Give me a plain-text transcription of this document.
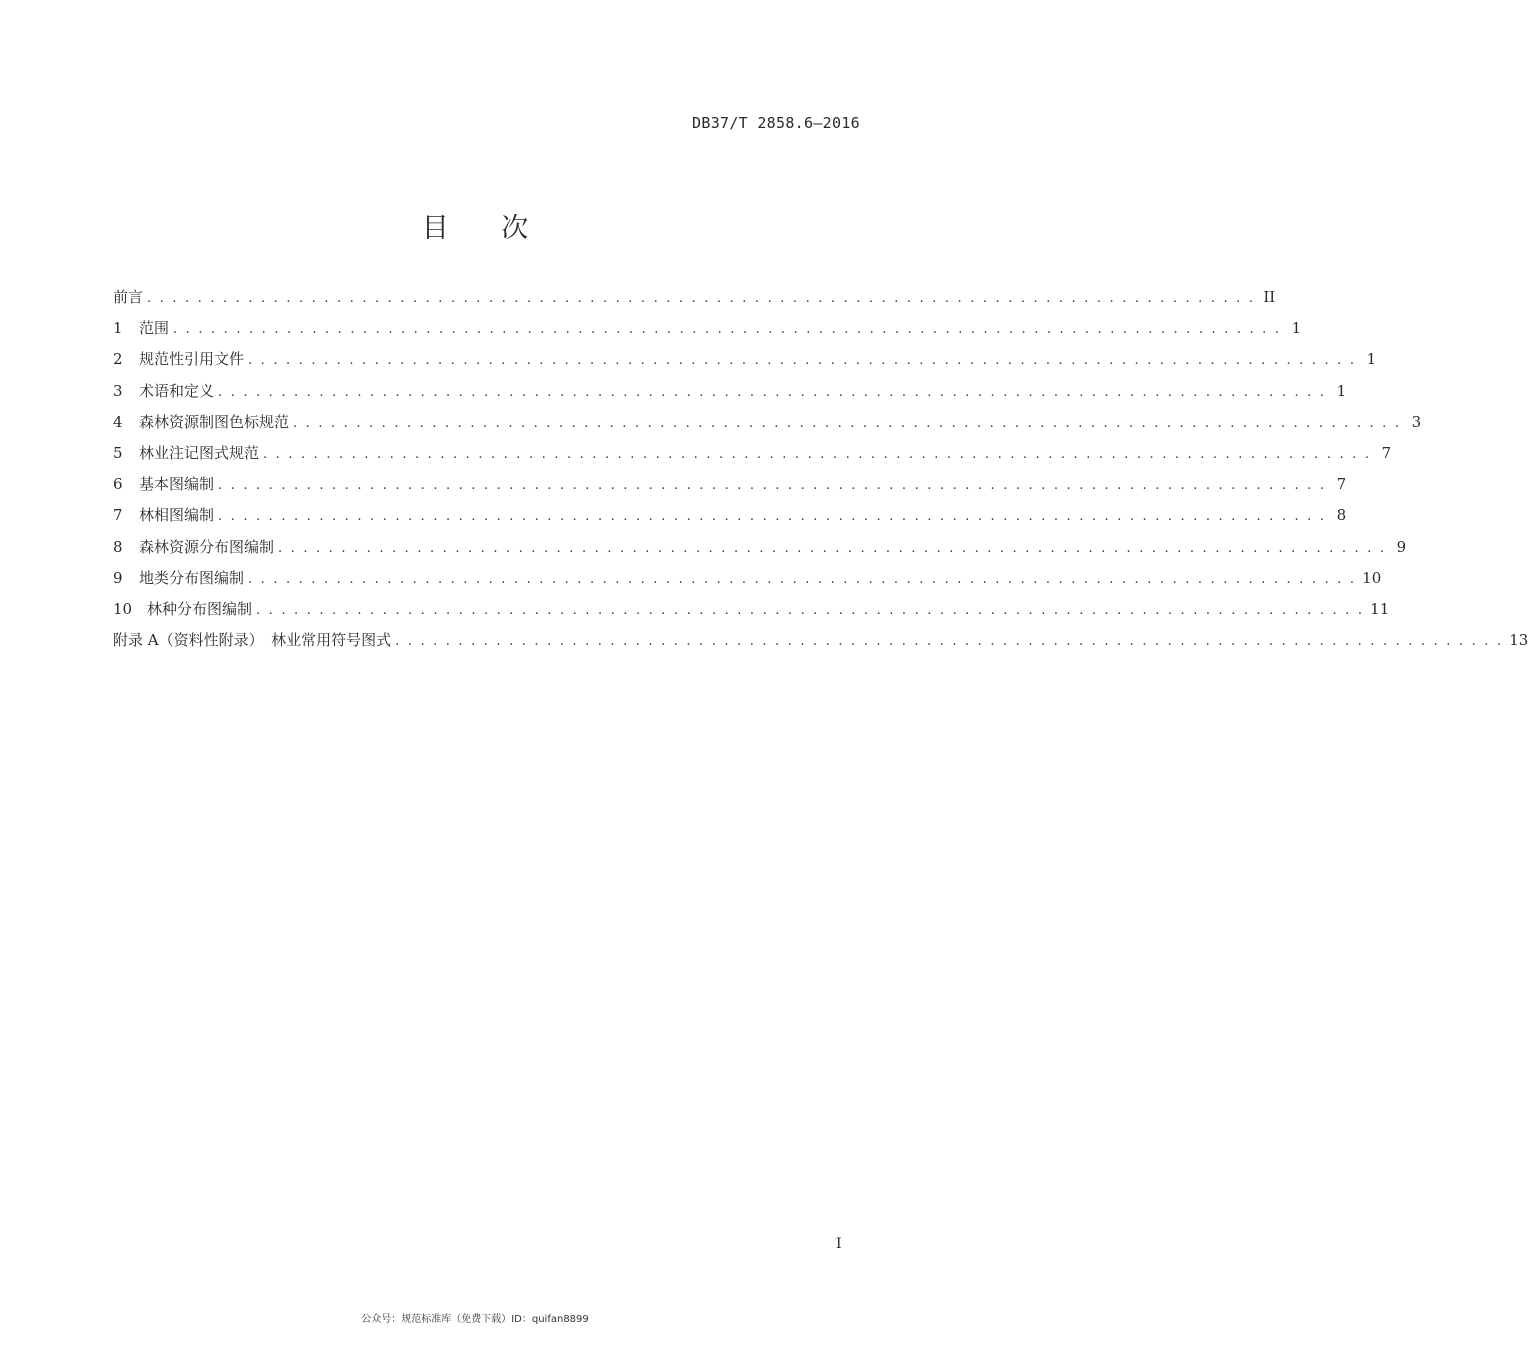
DB37/T 2858.6—2016
目 次
前言 . . . . . . . . . . . . . . . . . . . . . . . . . . . . . . . . . . . . . . . . . . . . . . . . . . . . . . . . . . . . . . . . . . . . . . . . . . . . . . . . . . . . . . . . II
1	范围 . . . . . . . . . . . . . . . . . . . . . . . . . . . . . . . . . . . . . . . . . . . . . . . . . . . . . . . . . . . . . . . . . . . . . . . . . . . . . . . . . . . . . . . . 1
2	规范性引用文件 . . . . . . . . . . . . . . . . . . . . . . . . . . . . . . . . . . . . . . . . . . . . . . . . . . . . . . . . . . . . . . . . . . . . . . . . . . . . . . . . . . . . . . . . 1
3	术语和定义 . . . . . . . . . . . . . . . . . . . . . . . . . . . . . . . . . . . . . . . . . . . . . . . . . . . . . . . . . . . . . . . . . . . . . . . . . . . . . . . . . . . . . . . . 1
4	森林资源制图色标规范 . . . . . . . . . . . . . . . . . . . . . . . . . . . . . . . . . . . . . . . . . . . . . . . . . . . . . . . . . . . . . . . . . . . . . . . . . . . . . . . . . . . . . . . . 3
5	林业注记图式规范 . . . . . . . . . . . . . . . . . . . . . . . . . . . . . . . . . . . . . . . . . . . . . . . . . . . . . . . . . . . . . . . . . . . . . . . . . . . . . . . . . . . . . . . . 7
6	基本图编制 . . . . . . . . . . . . . . . . . . . . . . . . . . . . . . . . . . . . . . . . . . . . . . . . . . . . . . . . . . . . . . . . . . . . . . . . . . . . . . . . . . . . . . . . 7
7	林相图编制 . . . . . . . . . . . . . . . . . . . . . . . . . . . . . . . . . . . . . . . . . . . . . . . . . . . . . . . . . . . . . . . . . . . . . . . . . . . . . . . . . . . . . . . . 8
8	森林资源分布图编制 . . . . . . . . . . . . . . . . . . . . . . . . . . . . . . . . . . . . . . . . . . . . . . . . . . . . . . . . . . . . . . . . . . . . . . . . . . . . . . . . . . . . . . . . 9
9	地类分布图编制 . . . . . . . . . . . . . . . . . . . . . . . . . . . . . . . . . . . . . . . . . . . . . . . . . . . . . . . . . . . . . . . . . . . . . . . . . . . . . . . . . . . . . . . . 10
10 林种分布图编制 . . . . . . . . . . . . . . . . . . . . . . . . . . . . . . . . . . . . . . . . . . . . . . . . . . . . . . . . . . . . . . . . . . . . . . . . . . . . . . . . . . . . . . . . 11
附录 A（资料性附录）　林业常用符号图式 . . . . . . . . . . . . . . . . . . . . . . . . . . . . . . . . . . . . . . . . . . . . . . . . . . . . . . . . . . . . . . . . . . . . . . . . . . . . . . . . . . . . . . . . 13
I
公众号：规范标准库（免费下载）ID：quifan8899
